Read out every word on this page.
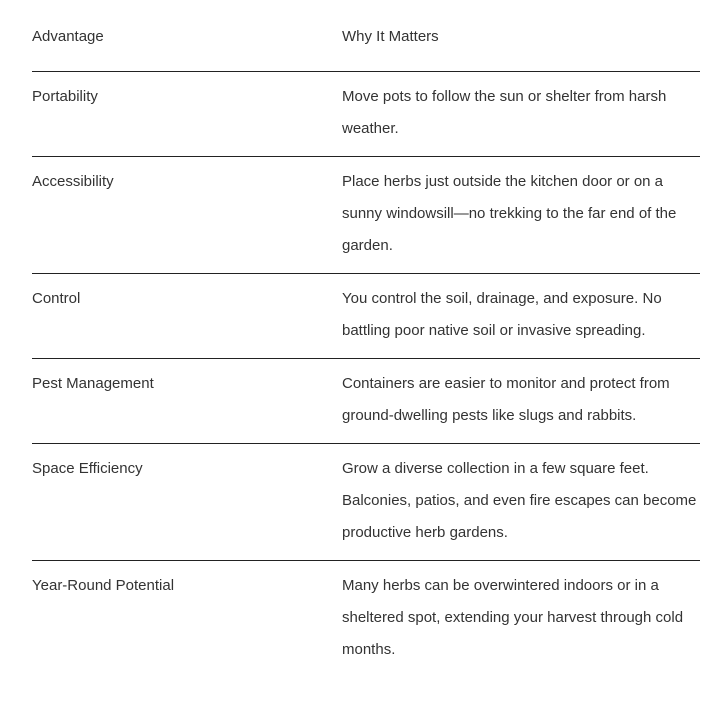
Advantage	Why It Matters
Portability	Move pots to follow the sun or shelter from harsh weather.
Accessibility	Place herbs just outside the kitchen door or on a sunny windowsill—no trekking to the far end of the garden.
Control	You control the soil, drainage, and exposure. No battling poor native soil or invasive spreading.
Pest Management	Containers are easier to monitor and protect from ground-dwelling pests like slugs and rabbits.
Space Efficiency	Grow a diverse collection in a few square feet. Balconies, patios, and even fire escapes can become productive herb gardens.
Year-Round Potential	Many herbs can be overwintered indoors or in a sheltered spot, extending your harvest through cold months.
